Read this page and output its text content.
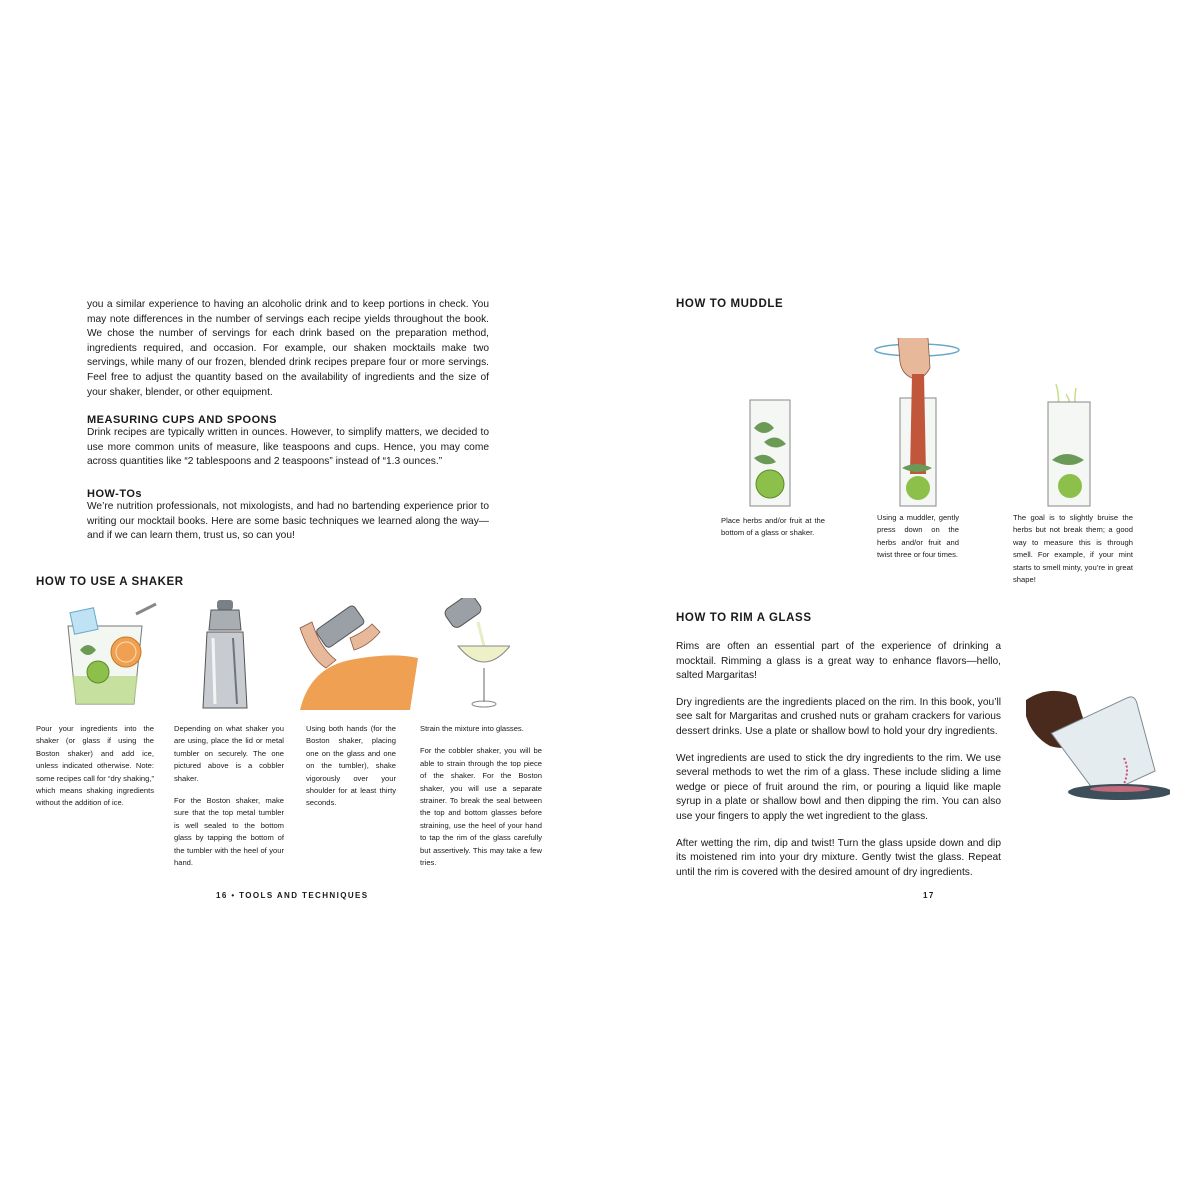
you a similar experience to having an alcoholic drink and to keep portions in check. You may note differences in the number of servings each recipe yields throughout the book. We chose the number of servings for each drink based on the preparation method, ingredients required, and occasion. For example, our shaken mocktails make two servings, while many of our frozen, blended drink recipes prepare four or more servings. Feel free to adjust the quantity based on the availability of ingredients and the size of your shaker, blender, or other equipment.

MEASURING CUPS AND SPOONS

Drink recipes are typically written in ounces. However, to simplify matters, we decided to use more common units of measure, like teaspoons and cups. Hence, you may come across quantities like “2 tablespoons and 2 teaspoons” instead of “1.3 ounces.”

HOW-TOs

We’re nutrition professionals, not mixologists, and had no bartending experience prior to writing our mocktail books. Here are some basic techniques we learned along the way—and if we can learn them, trust us, so can you!

HOW TO USE A SHAKER

Pour your ingredients into the shaker (or glass if using the Boston shaker) and add ice, unless indicated otherwise. Note: some recipes call for “dry shaking,” which means shaking ingredients without the addition of ice.

Depending on what shaker you are using, place the lid or metal tumbler on securely. The one pictured above is a cobbler shaker.

For the Boston shaker, make sure that the top metal tumbler is well sealed to the bottom glass by tapping the bottom of the tumbler with the heel of your hand.

Using both hands (for the Boston shaker, placing one on the glass and one on the tumbler), shake vigorously over your shoulder for at least thirty seconds.

Strain the mixture into glasses.

For the cobbler shaker, you will be able to strain through the top piece of the shaker. For the Boston shaker, you will use a separate strainer. To break the seal between the top and bottom glasses before straining, use the heel of your hand to tap the rim of the glass carefully but assertively. This may take a few tries.

16 • TOOLS AND TECHNIQUES
HOW TO MUDDLE

Place herbs and/or fruit at the bottom of a glass or shaker.

Using a muddler, gently press down on the herbs and/or fruit and twist three or four times.

The goal is to slightly bruise the herbs but not break them; a good way to measure this is through smell. For example, if your mint starts to smell minty, you’re in great shape!

HOW TO RIM A GLASS

Rims are often an essential part of the experience of drinking a mocktail. Rimming a glass is a great way to enhance flavors—hello, salted Margaritas!

Dry ingredients are the ingredients placed on the rim. In this book, you’ll see salt for Margaritas and crushed nuts or graham crackers for various dessert drinks. Use a plate or shallow bowl to hold your dry ingredients.

Wet ingredients are used to stick the dry ingredients to the rim. We use several methods to wet the rim of a glass. These include sliding a lime wedge or piece of fruit around the rim, or pouring a liquid like maple syrup in a plate or shallow bowl and then dipping the rim. You can also use your fingers to apply the wet ingredient to the glass.

After wetting the rim, dip and twist! Turn the glass upside down and dip its moistened rim into your dry mixture. Gently twist the glass. Repeat until the rim is covered with the desired amount of dry ingredients.

17
